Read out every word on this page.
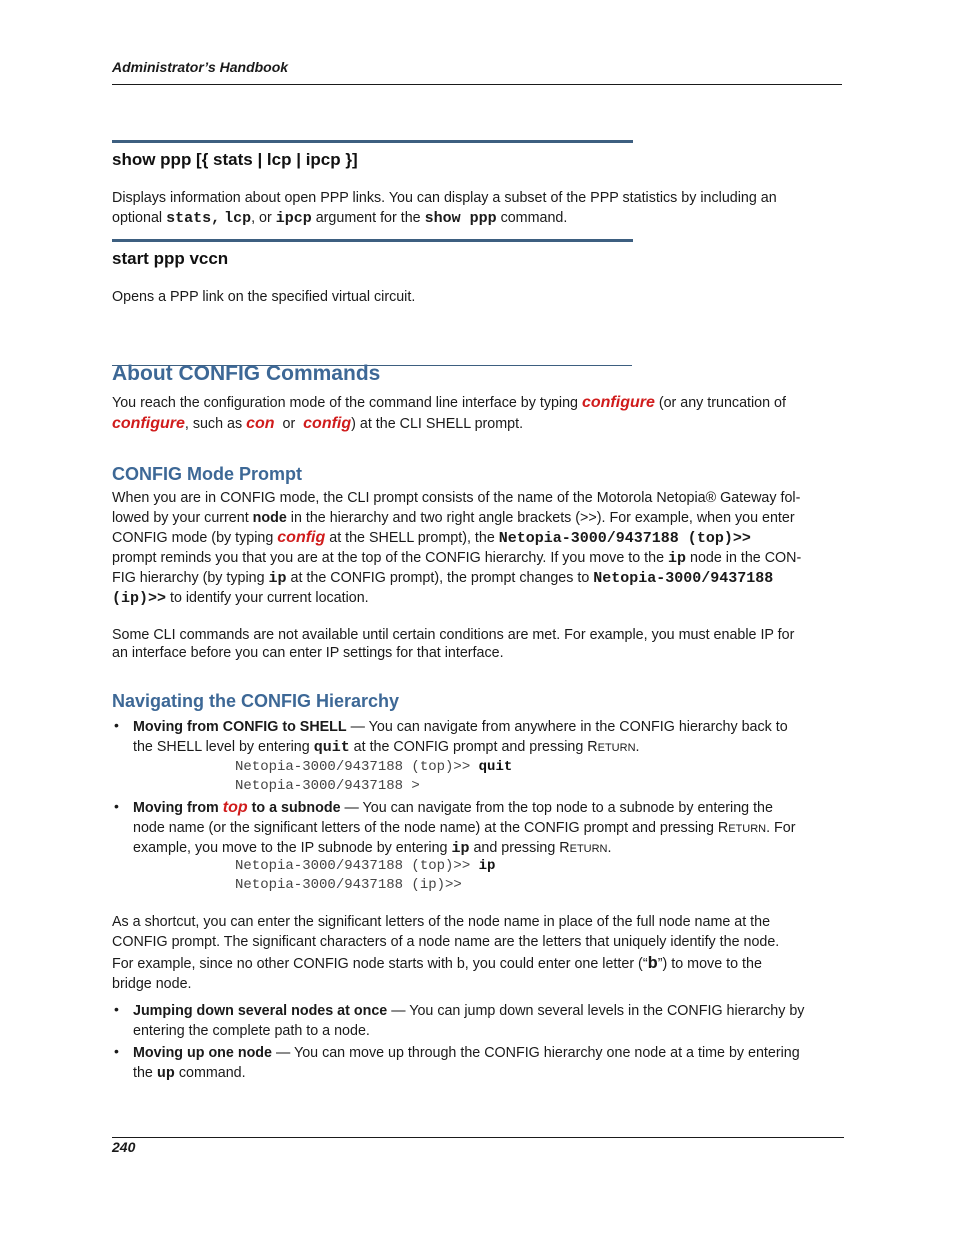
Administrator’s Handbook
show ppp [{ stats | lcp | ipcp }]
Displays information about open PPP links. You can display a subset of the PPP statistics by including an
optional stats, lcp, or ipcp argument for the show ppp command.
start ppp vccn
Opens a PPP link on the specified virtual circuit.
About CONFIG Commands
You reach the configuration mode of the command line interface by typing configure (or any truncation of
configure, such as con  or  config) at the CLI SHELL prompt.
CONFIG Mode Prompt
When you are in CONFIG mode, the CLI prompt consists of the name of the Motorola Netopia® Gateway fol-
lowed by your current node in the hierarchy and two right angle brackets (>>). For example, when you enter
CONFIG mode (by typing config at the SHELL prompt), the Netopia-3000/9437188 (top)>>
prompt reminds you that you are at the top of the CONFIG hierarchy. If you move to the ip node in the CON-
FIG hierarchy (by typing ip at the CONFIG prompt), the prompt changes to Netopia-3000/9437188
(ip)>> to identify your current location.
Some CLI commands are not available until certain conditions are met. For example, you must enable IP for
an interface before you can enter IP settings for that interface.
Navigating the CONFIG Hierarchy
• Moving from CONFIG to SHELL — You can navigate from anywhere in the CONFIG hierarchy back to
the SHELL level by entering quit at the CONFIG prompt and pressing RETURN.
Netopia-3000/9437188 (top)>> quit
Netopia-3000/9437188 >
• Moving from top to a subnode — You can navigate from the top node to a subnode by entering the
node name (or the significant letters of the node name) at the CONFIG prompt and pressing RETURN. For
example, you move to the IP subnode by entering ip and pressing RETURN.
Netopia-3000/9437188 (top)>> ip
Netopia-3000/9437188 (ip)>>
As a shortcut, you can enter the significant letters of the node name in place of the full node name at the
CONFIG prompt. The significant characters of a node name are the letters that uniquely identify the node.
For example, since no other CONFIG node starts with b, you could enter one letter (“b”) to move to the
bridge node.
• Jumping down several nodes at once — You can jump down several levels in the CONFIG hierarchy by
entering the complete path to a node.
• Moving up one node — You can move up through the CONFIG hierarchy one node at a time by entering
the up command.
240
